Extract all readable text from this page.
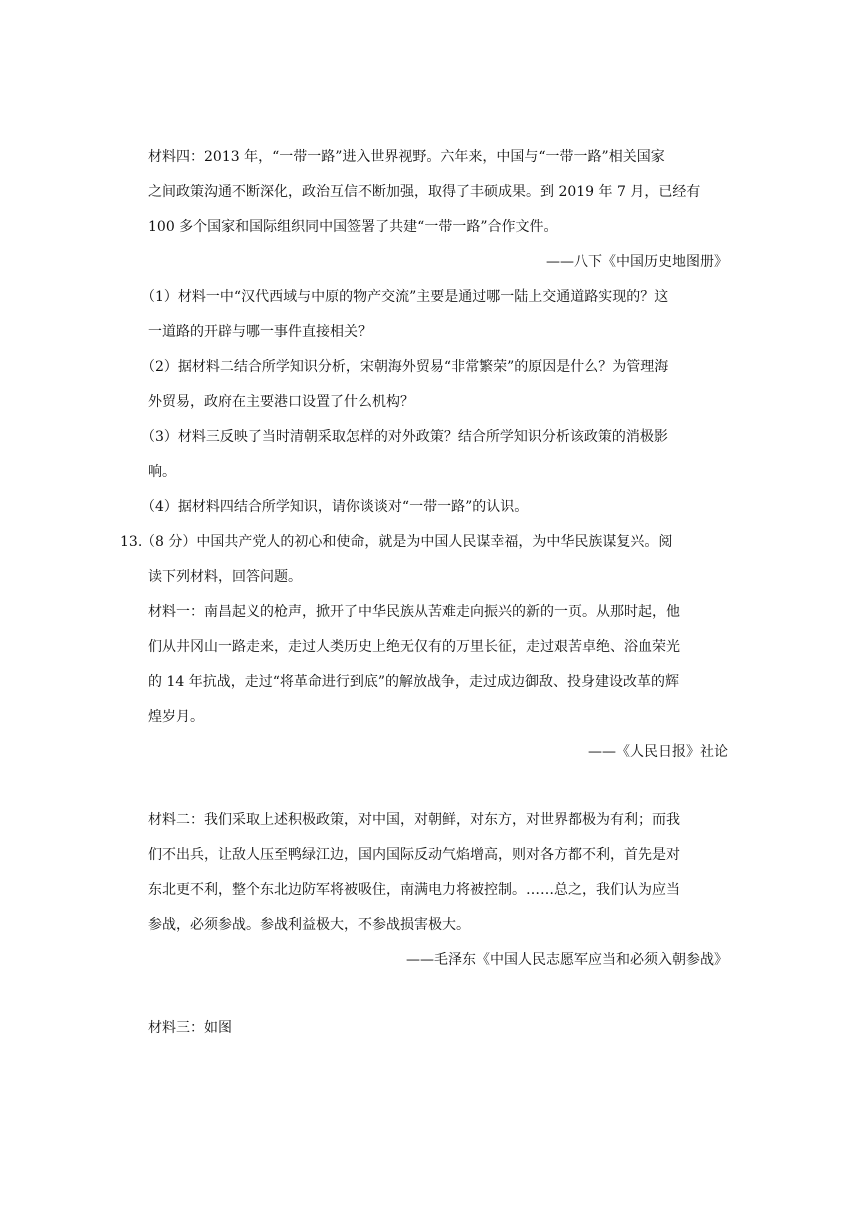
材料四：2013 年，“一带一路”进入世界视野。六年来，中国与“一带一路”相关国家
之间政策沟通不断深化，政治互信不断加强，取得了丰硕成果。到 2019 年 7 月，已经有
100 多个国家和国际组织同中国签署了共建“一带一路”合作文件。
——八下《中国历史地图册》
（1）材料一中“汉代西域与中原的物产交流”主要是通过哪一陆上交通道路实现的？这
一道路的开辟与哪一事件直接相关？
（2）据材料二结合所学知识分析，宋朝海外贸易“非常繁荣”的原因是什么？为管理海
外贸易，政府在主要港口设置了什么机构？
（3）材料三反映了当时清朝采取怎样的对外政策？结合所学知识分析该政策的消极影
响。
（4）据材料四结合所学知识，请你谈谈对“一带一路”的认识。
13.
（8 分）中国共产党人的初心和使命，就是为中国人民谋幸福，为中华民族谋复兴。阅
读下列材料，回答问题。
材料一：南昌起义的枪声，掀开了中华民族从苦难走向振兴的新的一页。从那时起，他
们从井冈山一路走来，走过人类历史上绝无仅有的万里长征，走过艰苦卓绝、浴血荣光
的 14 年抗战，走过“将革命进行到底”的解放战争，走过成边御敌、投身建设改革的辉
煌岁月。
——《人民日报》社论
材料二：我们采取上述积极政策，对中国，对朝鲜，对东方，对世界都极为有利；而我
们不出兵，让敌人压至鸭绿江边，国内国际反动气焰增高，则对各方都不利，首先是对
东北更不利，整个东北边防军将被吸住，南满电力将被控制。……总之，我们认为应当
参战，必须参战。参战利益极大，不参战损害极大。
——毛泽东《中国人民志愿军应当和必须入朝参战》
材料三：如图
